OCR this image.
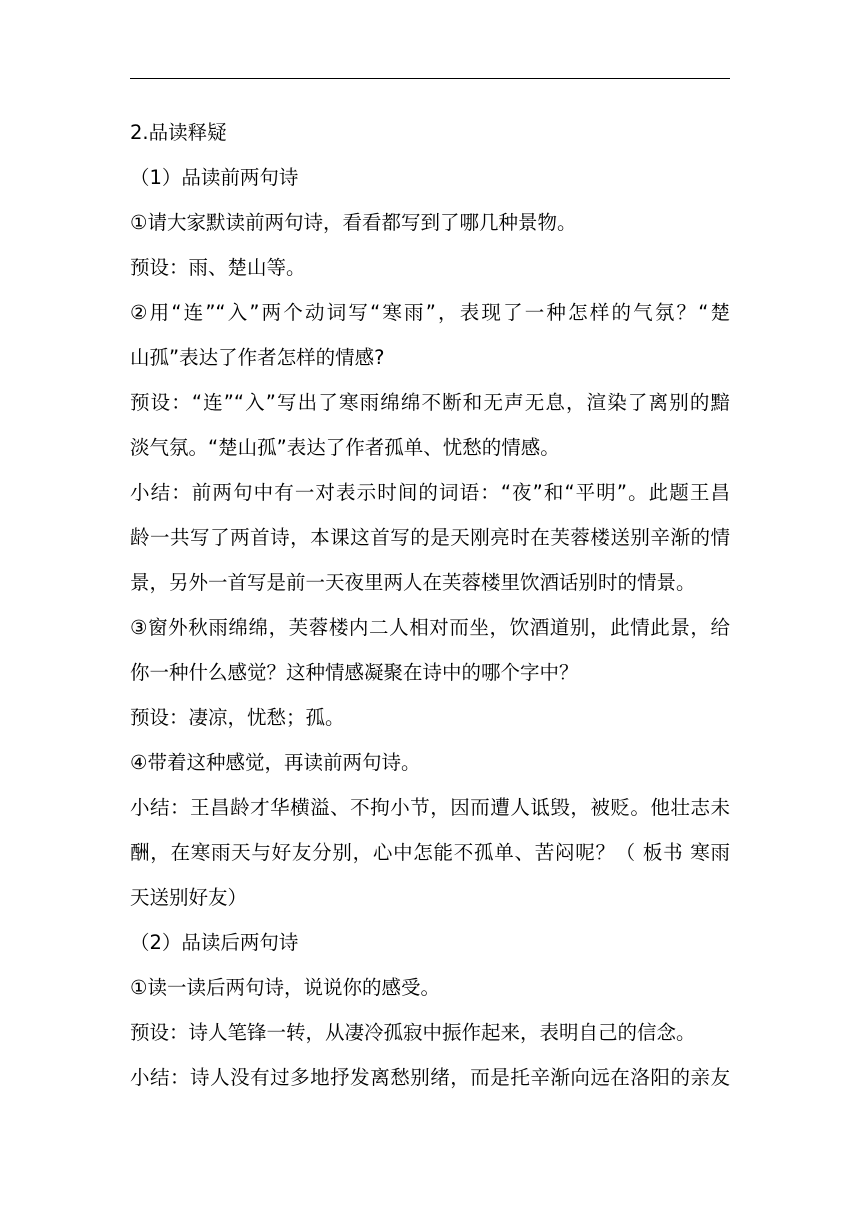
2.品读释疑
（1）品读前两句诗
①请大家默读前两句诗，看看都写到了哪几种景物。
预设：雨、楚山等。
②用“连”“入”两个动词写“寒雨”，表现了一种怎样的气氛？“楚
山孤”表达了作者怎样的情感?
预设：“连”“入”写出了寒雨绵绵不断和无声无息，渲染了离别的黯
淡气氛。“楚山孤”表达了作者孤单、忧愁的情感。
小结：前两句中有一对表示时间的词语：“夜”和“平明”。此题王昌
龄一共写了两首诗，本课这首写的是天刚亮时在芙蓉楼送别辛渐的情
景，另外一首写是前一天夜里两人在芙蓉楼里饮酒话别时的情景。
③窗外秋雨绵绵，芙蓉楼内二人相对而坐，饮酒道别，此情此景，给
你一种什么感觉？这种情感凝聚在诗中的哪个字中？
预设：凄凉，忧愁；孤。
④带着这种感觉，再读前两句诗。
小结：王昌龄才华横溢、不拘小节，因而遭人诋毁，被贬。他壮志未
酬，在寒雨天与好友分别，心中怎能不孤单、苦闷呢？（ 板书 寒雨
天送别好友）
（2）品读后两句诗
①读一读后两句诗，说说你的感受。
预设：诗人笔锋一转，从凄冷孤寂中振作起来，表明自己的信念。
小结：诗人没有过多地抒发离愁别绪，而是托辛渐向远在洛阳的亲友
